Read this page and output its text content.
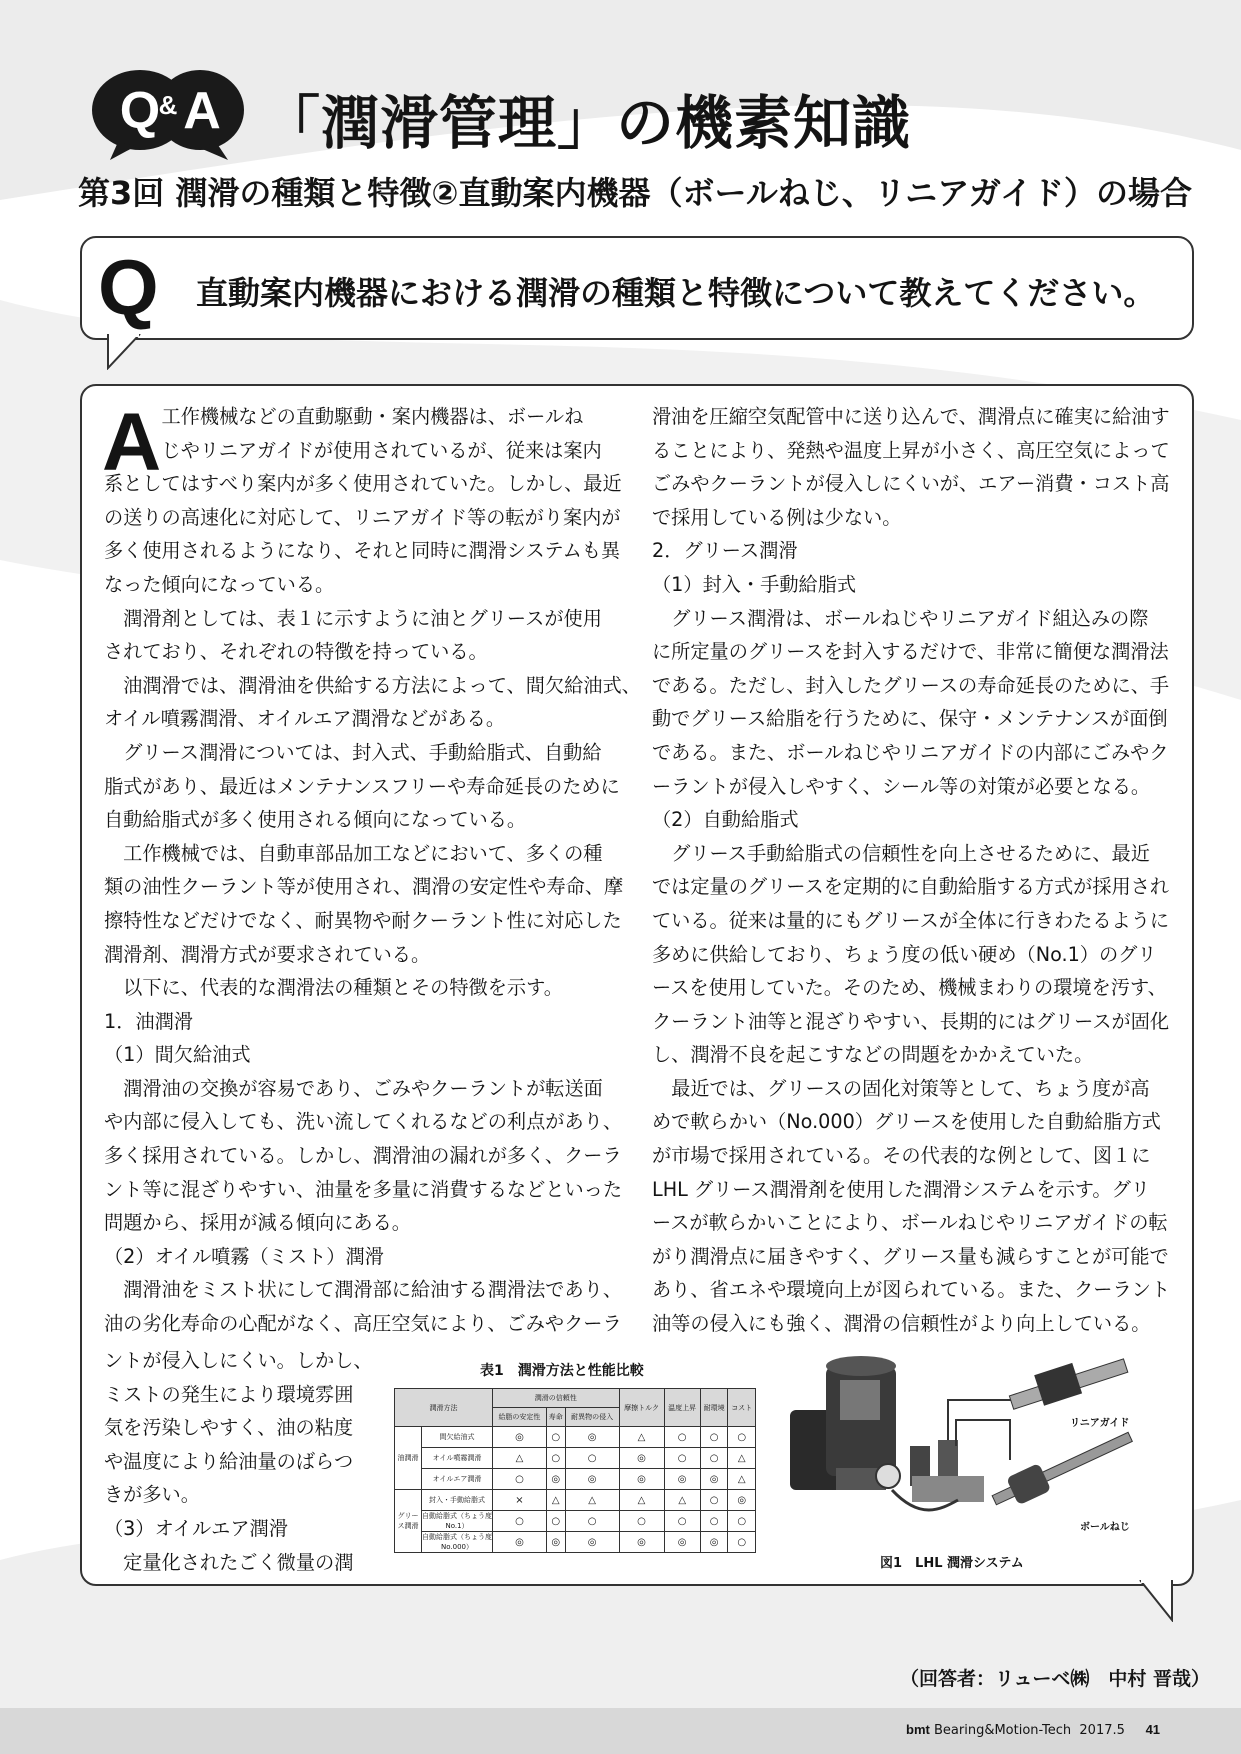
Q
& A 「潤滑管理」の機素知識
第3回 潤滑の種類と特徴②直動案内機器（ボールねじ、リニアガイド）の場合
Q 直動案内機器における潤滑の種類と特徴について教えてください。
A

　　　工作機械などの直動駆動・案内機器は、ボールね

　　　じやリニアガイドが使用されているが、従来は案内

系としてはすべり案内が多く使用されていた。しかし、最近

の送りの高速化に対応して、リニアガイド等の転がり案内が

多く使用されるようになり、それと同時に潤滑システムも異

なった傾向になっている。

　潤滑剤としては、表１に示すように油とグリースが使用

されており、それぞれの特徴を持っている。

　油潤滑では、潤滑油を供給する方法によって、間欠給油式、

オイル噴霧潤滑、オイルエア潤滑などがある。

　グリース潤滑については、封入式、手動給脂式、自動給

脂式があり、最近はメンテナンスフリーや寿命延長のために

自動給脂式が多く使用される傾向になっている。

　工作機械では、自動車部品加工などにおいて、多くの種

類の油性クーラント等が使用され、潤滑の安定性や寿命、摩

擦特性などだけでなく、耐異物や耐クーラント性に対応した

潤滑剤、潤滑方式が要求されている。

　以下に、代表的な潤滑法の種類とその特徴を示す。

1．油潤滑

（1）間欠給油式

　潤滑油の交換が容易であり、ごみやクーラントが転送面

や内部に侵入しても、洗い流してくれるなどの利点があり、

多く採用されている。しかし、潤滑油の漏れが多く、クーラ

ント等に混ざりやすい、油量を多量に消費するなどといった

問題から、採用が減る傾向にある。

（2）オイル噴霧（ミスト）潤滑

　潤滑油をミスト状にして潤滑部に給油する潤滑法であり、

油の劣化寿命の心配がなく、高圧空気により、ごみやクーラ

ントが侵入しにくい。しかし、

ミストの発生により環境雰囲

気を汚染しやすく、油の粘度

や温度により給油量のばらつ

きが多い。

（3）オイルエア潤滑

　定量化されたごく微量の潤

滑油を圧縮空気配管中に送り込んで、潤滑点に確実に給油す

ることにより、発熱や温度上昇が小さく、高圧空気によって

ごみやクーラントが侵入しにくいが、エアー消費・コスト高

で採用している例は少ない。

2．グリース潤滑

（1）封入・手動給脂式

　グリース潤滑は、ボールねじやリニアガイド組込みの際

に所定量のグリースを封入するだけで、非常に簡便な潤滑法

である。ただし、封入したグリースの寿命延長のために、手

動でグリース給脂を行うために、保守・メンテナンスが面倒

である。また、ボールねじやリニアガイドの内部にごみやク

ーラントが侵入しやすく、シール等の対策が必要となる。

（2）自動給脂式

　グリース手動給脂式の信頼性を向上させるために、最近

では定量のグリースを定期的に自動給脂する方式が採用され

ている。従来は量的にもグリースが全体に行きわたるように

多めに供給しており、ちょう度の低い硬め（No.1）のグリ

ースを使用していた。そのため、機械まわりの環境を汚す、

クーラント油等と混ざりやすい、長期的にはグリースが固化

し、潤滑不良を起こすなどの問題をかかえていた。

　最近では、グリースの固化対策等として、ちょう度が高

めで軟らかい（No.000）グリースを使用した自動給脂方式

が市場で採用されている。その代表的な例として、図１に

LHL グリース潤滑剤を使用した潤滑システムを示す。グリ

ースが軟らかいことにより、ボールねじやリニアガイドの転

がり潤滑点に届きやすく、グリース量も減らすことが可能で

あり、省エネや環境向上が図られている。また、クーラント

油等の侵入にも強く、潤滑の信頼性がより向上している。

表1　潤滑方法と性能比較
潤滑方法		潤滑の信頼性			摩擦トルク	温度上昇	耐環境	コスト
		給脂の安定性	寿命	耐異物の侵入				
油潤滑	間欠給油式	◎	○	◎	△	○	○	○
	オイル噴霧潤滑	△	○	○	◎	○	○	△
	オイルエア潤滑	○	◎	◎	◎	◎	◎	△
グリース潤滑	封入・手動給脂式	×	△	△	△	△	○	◎
	自動給脂式（ちょう度No.1）	○	○	○	○	○	○	○
	自動給脂式（ちょう度No.000）	◎	◎	◎	◎	◎	◎	○
リニアガイド
ボールねじ
図1　LHL 潤滑システム
（回答者：リューベ㈱　中村 晋哉）
bmt Bearing&Motion-Tech 2017.5 41
